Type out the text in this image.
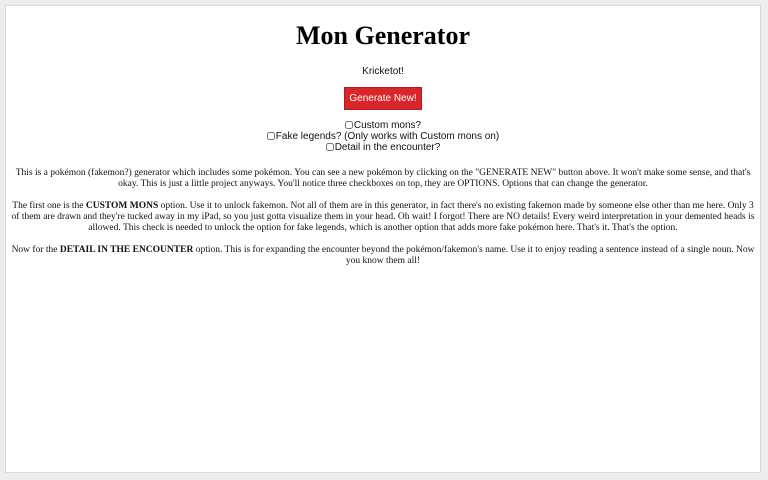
Mon Generator
Kricketot!
Generate New!
Custom mons?
Fake legends? (Only works with Custom mons on)
Detail in the encounter?

This is a pokémon (fakemon?) generator which includes some pokémon. You can see a new pokémon by clicking on the "GENERATE NEW" button above. It won't make some sense, and that's okay. This is just a little project anyways. You'll notice three checkboxes on top, they are OPTIONS. Options that can change the generator.

The first one is the CUSTOM MONS option. Use it to unlock fakemon. Not all of them are in this generator, in fact there's no existing fakemon made by someone else other than me here. Only 3 of them are drawn and they're tucked away in my iPad, so you just gotta visualize them in your head. Oh wait! I forgot! There are NO details! Every weird interpretation in your demented heads is allowed. This check is needed to unlock the option for fake legends, which is another option that adds more fake pokémon here. That's it. That's the option.

Now for the DETAIL IN THE ENCOUNTER option. This is for expanding the encounter beyond the pokémon/fakemon's name. Use it to enjoy reading a sentence instead of a single noun. Now you know them all!
